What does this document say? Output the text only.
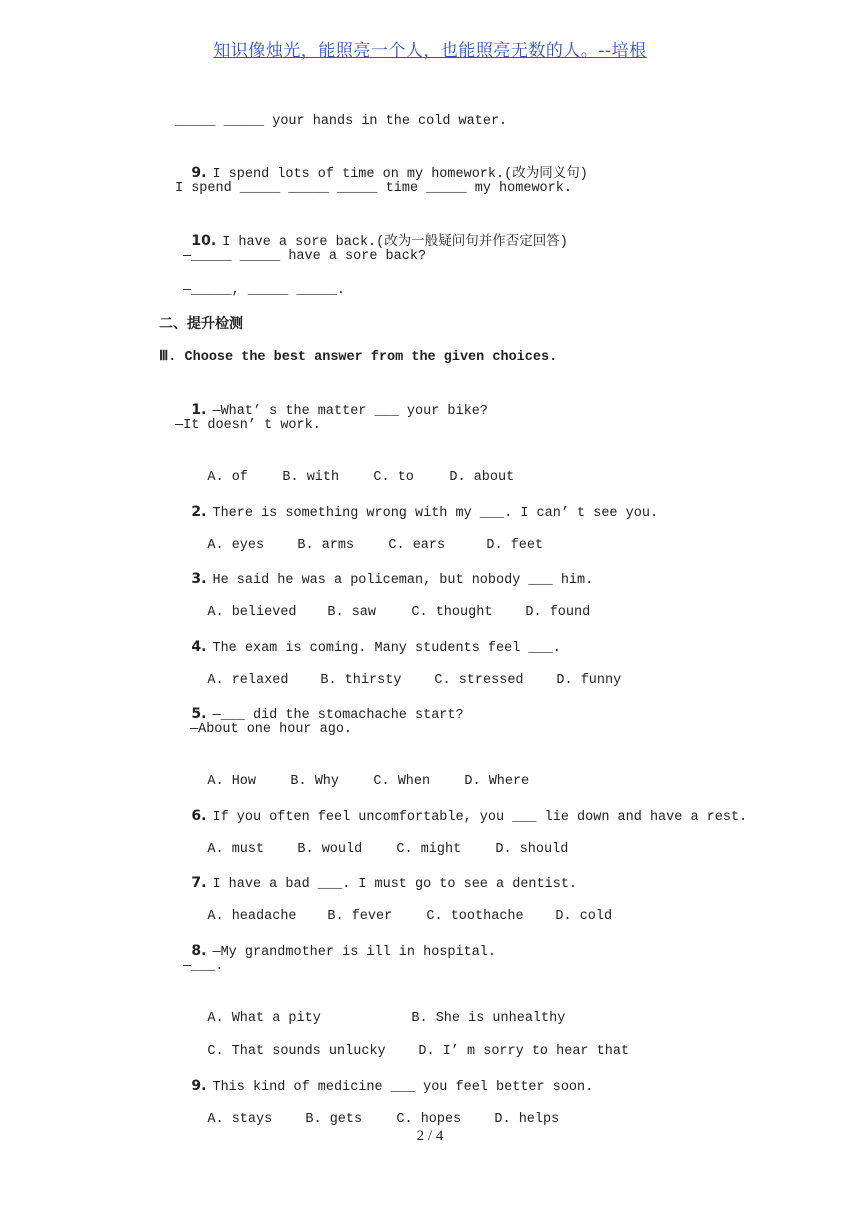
知识像烛光，能照亮一个人，也能照亮无数的人。--培根
_____ _____ your hands in the cold water.

9. I spend lots of time on my homework.(改为同义句)

I spend _____ _____ _____ time _____ my homework.

10. I have a sore back.(改为一般疑问句并作否定回答)

—_____ _____ have a sore back?
—_____, _____ _____.
二、提升检测
Ⅲ. Choose the best answer from the given choices.

1. —What’ s the matter ___ your bike?

—It doesn’ t work.

A. of	B. with	C. to	D. about

2. There is something wrong with my ___. I can’ t see you.

A. eyes B. arms	C. ears	D. feet

3. He said he was a policeman, but nobody ___ him.

A. believed B. saw	C. thought D. found

4. The exam is coming. Many students feel ___.

A. relaxed B. thirsty C. stressed D. funny

5. —___ did the stomachache start?

—About one hour ago.

A. How	B. Why	C. When	D. Where

6. If you often feel uncomfortable, you ___ lie down and have a rest.

A. must B. would	C. might	D. should

7. I have a bad ___. I must go to see a dentist.

A. headache B. fever	C. toothache D. cold

8. —My grandmother is ill in hospital.

—___.

A. What a pity	B. She is unhealthy

C. That sounds unlucky D. I’ m sorry to hear that

9. This kind of medicine ___ you feel better soon.

A. stays B. gets	C. hopes D. helps

2 / 4
